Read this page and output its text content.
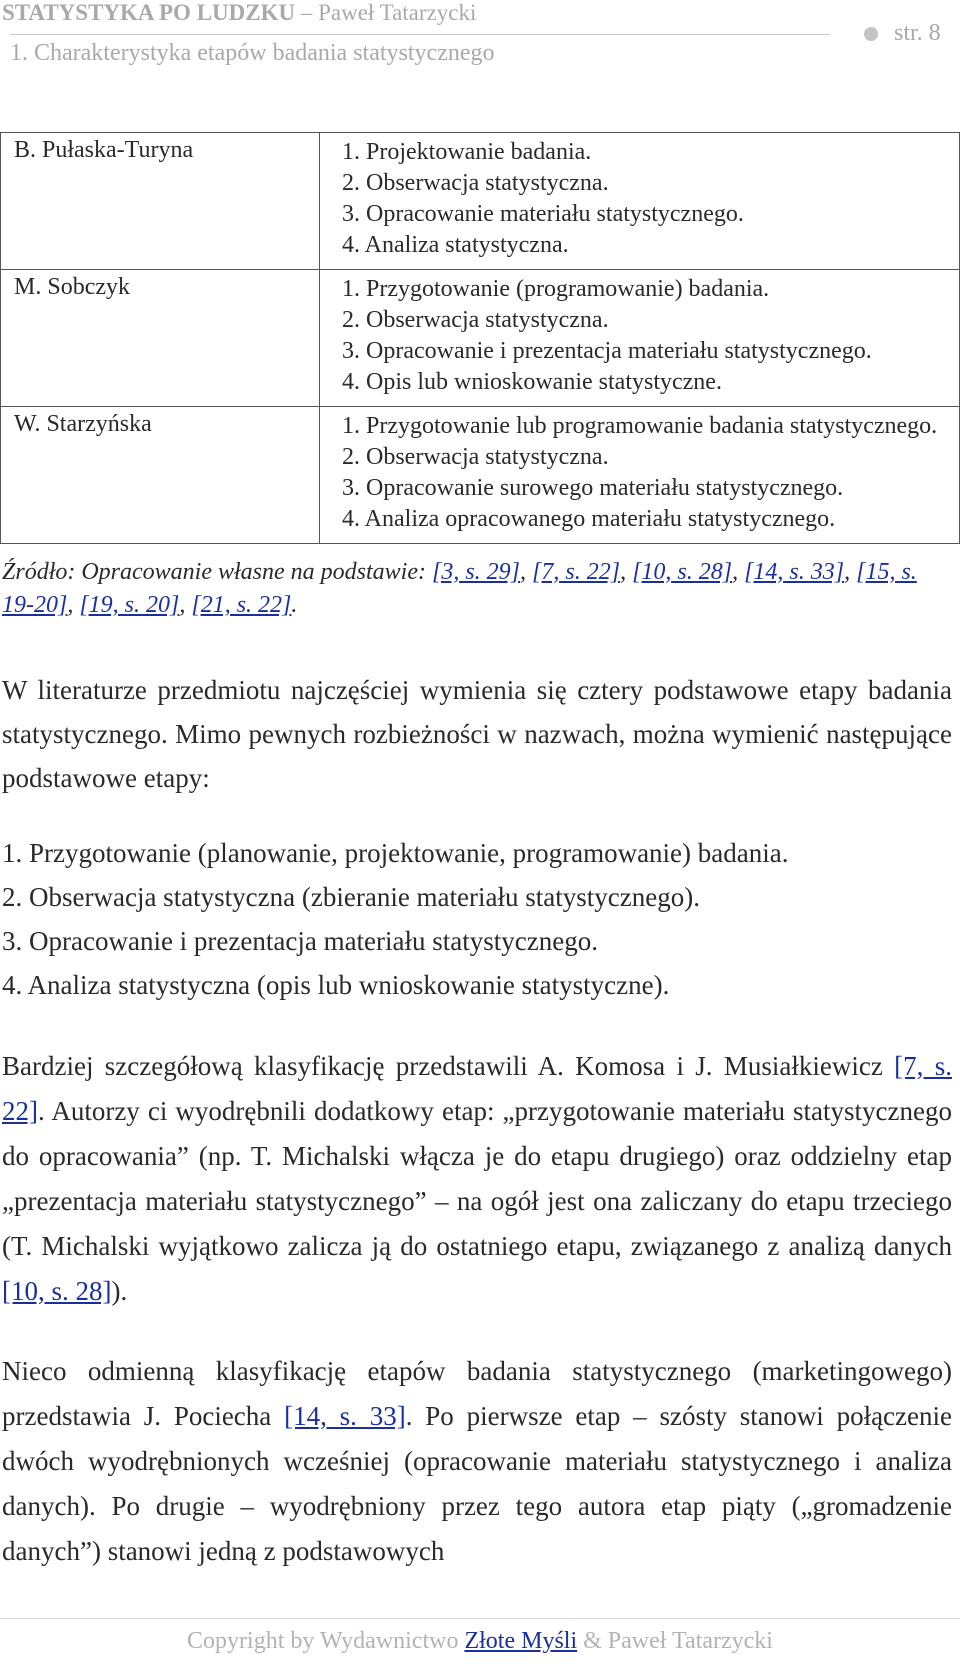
STATYSTYKA PO LUDZKU – Paweł Tatarzycki
1. Charakterystyka etapów badania statystycznego
str. 8
B. Pułaska-Turyna	1. Projektowanie badania.
2. Obserwacja statystyczna.
3. Opracowanie materiału statystycznego.
4. Analiza statystyczna.

M. Sobczyk	1. Przygotowanie (programowanie) badania.
2. Obserwacja statystyczna.
3. Opracowanie i prezentacja materiału statystycznego.
4. Opis lub wnioskowanie statystyczne.

W. Starzyńska	1. Przygotowanie lub programowanie badania statystycznego.
2. Obserwacja statystyczna.
3. Opracowanie surowego materiału statystycznego.
4. Analiza opracowanego materiału statystycznego.
Źródło: Opracowanie własne na podstawie: [3, s. 29], [7, s. 22], [10, s. 28], [14, s. 33], [15, s. 19-20], [19, s. 20], [21, s. 22].
W literaturze przedmiotu najczęściej wymienia się cztery podstawowe etapy badania statystycznego. Mimo pewnych rozbieżności w nazwach, można wymienić następujące podstawowe etapy:
1. Przygotowanie (planowanie, projektowanie, programowanie) badania.
2. Obserwacja statystyczna (zbieranie materiału statystycznego).
3. Opracowanie i prezentacja materiału statystycznego.
4. Analiza statystyczna (opis lub wnioskowanie statystyczne).
Bardziej szczegółową klasyfikację przedstawili A. Komosa i J. Musiałkiewicz [7, s. 22]. Autorzy ci wyodrębnili dodatkowy etap: „przygotowanie materiału statystycznego do opracowania” (np. T. Michalski włącza je do etapu drugiego) oraz oddzielny etap „prezentacja materiału statystycznego” – na ogół jest ona zaliczany do etapu trzeciego (T. Michalski wyjątkowo zalicza ją do ostatniego etapu, związanego z analizą danych [10, s. 28]).
Nieco odmienną klasyfikację etapów badania statystycznego (marketingowego) przedstawia J. Pociecha [14, s. 33]. Po pierwsze etap – szósty stanowi połączenie dwóch wyodrębnionych wcześniej (opracowanie materiału statystycznego i analiza danych). Po drugie – wyodrębniony przez tego autora etap piąty („gromadzenie danych”) stanowi jedną z podstawowych
Copyright by Wydawnictwo Złote Myśli & Paweł Tatarzycki
